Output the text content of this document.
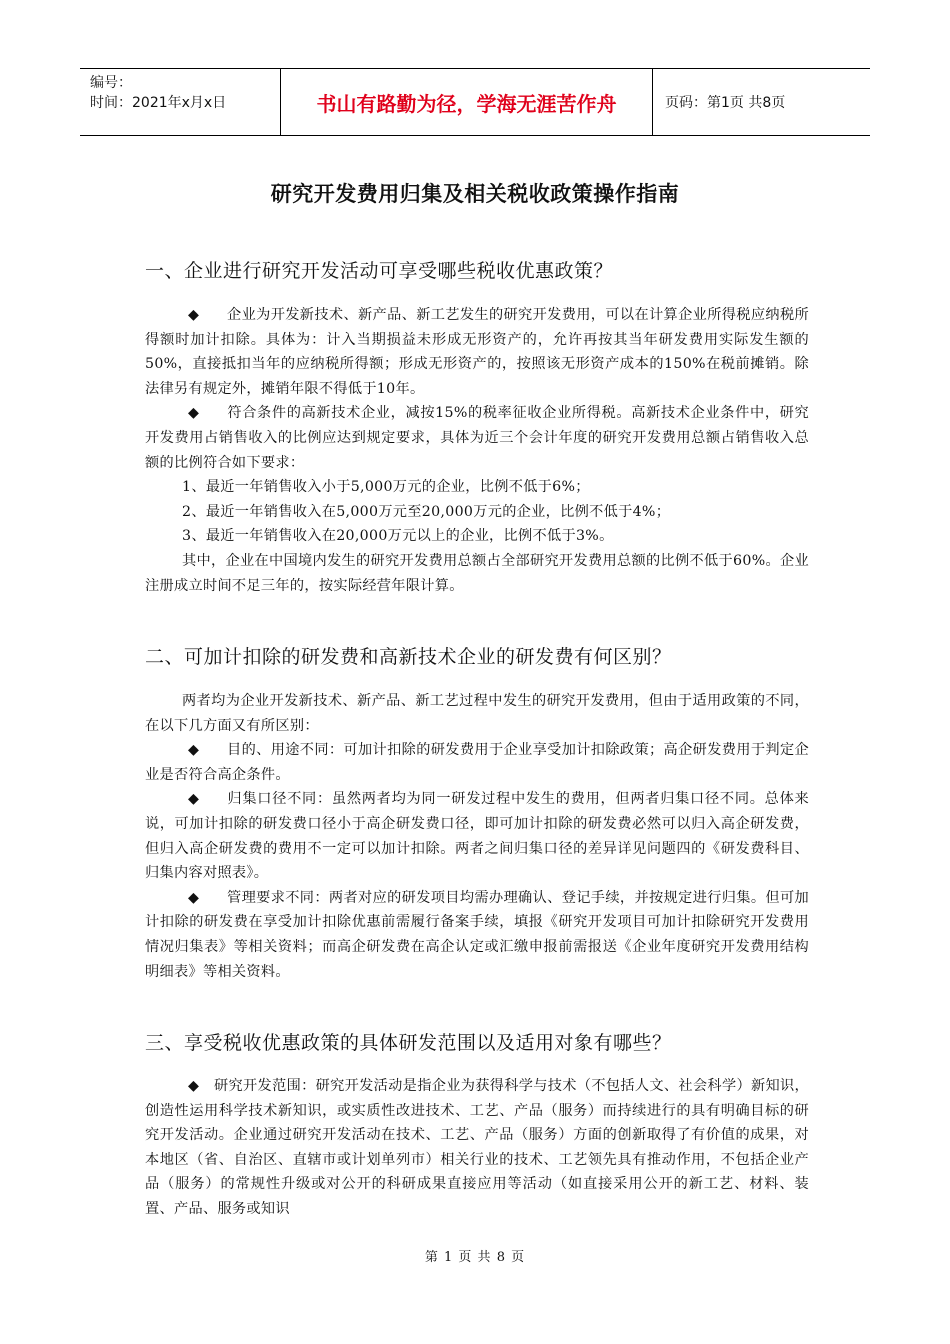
编号：
时间：2021年x月x日	书山有路勤为径，学海无涯苦作舟	页码：第1页 共8页
研究开发费用归集及相关税收政策操作指南
一、企业进行研究开发活动可享受哪些税收优惠政策？

◆ 企业为开发新技术、新产品、新工艺发生的研究开发费用，可以在计算企业所得税应纳税所得额时加计扣除。具体为：计入当期损益未形成无形资产的，允许再按其当年研发费用实际发生额的50%，直接抵扣当年的应纳税所得额；形成无形资产的，按照该无形资产成本的150%在税前摊销。除法律另有规定外，摊销年限不得低于10年。

◆ 符合条件的高新技术企业，减按15%的税率征收企业所得税。高新技术企业条件中，研究开发费用占销售收入的比例应达到规定要求，具体为近三个会计年度的研究开发费用总额占销售收入总额的比例符合如下要求：

1、最近一年销售收入小于5,000万元的企业，比例不低于6%；

2、最近一年销售收入在5,000万元至20,000万元的企业，比例不低于4%；

3、最近一年销售收入在20,000万元以上的企业，比例不低于3%。

其中，企业在中国境内发生的研究开发费用总额占全部研究开发费用总额的比例不低于60%。企业注册成立时间不足三年的，按实际经营年限计算。

二、可加计扣除的研发费和高新技术企业的研发费有何区别？

两者均为企业开发新技术、新产品、新工艺过程中发生的研究开发费用，但由于适用政策的不同，在以下几方面又有所区别：

◆ 目的、用途不同：可加计扣除的研发费用于企业享受加计扣除政策；高企研发费用于判定企业是否符合高企条件。

◆ 归集口径不同：虽然两者均为同一研发过程中发生的费用，但两者归集口径不同。总体来说，可加计扣除的研发费口径小于高企研发费口径，即可加计扣除的研发费必然可以归入高企研发费，但归入高企研发费的费用不一定可以加计扣除。两者之间归集口径的差异详见问题四的《研发费科目、归集内容对照表》。

◆ 管理要求不同：两者对应的研发项目均需办理确认、登记手续，并按规定进行归集。但可加计扣除的研发费在享受加计扣除优惠前需履行备案手续，填报《研究开发项目可加计扣除研究开发费用情况归集表》等相关资料；而高企研发费在高企认定或汇缴申报前需报送《企业年度研究开发费用结构明细表》等相关资料。

三、享受税收优惠政策的具体研发范围以及适用对象有哪些？

◆ 研究开发范围：研究开发活动是指企业为获得科学与技术（不包括人文、社会科学）新知识，创造性运用科学技术新知识，或实质性改进技术、工艺、产品（服务）而持续进行的具有明确目标的研究开发活动。企业通过研究开发活动在技术、工艺、产品（服务）方面的创新取得了有价值的成果，对本地区（省、自治区、直辖市或计划单列市）相关行业的技术、工艺领先具有推动作用，不包括企业产品（服务）的常规性升级或对公开的科研成果直接应用等活动（如直接采用公开的新工艺、材料、装置、产品、服务或知识

第 1 页 共 8 页
